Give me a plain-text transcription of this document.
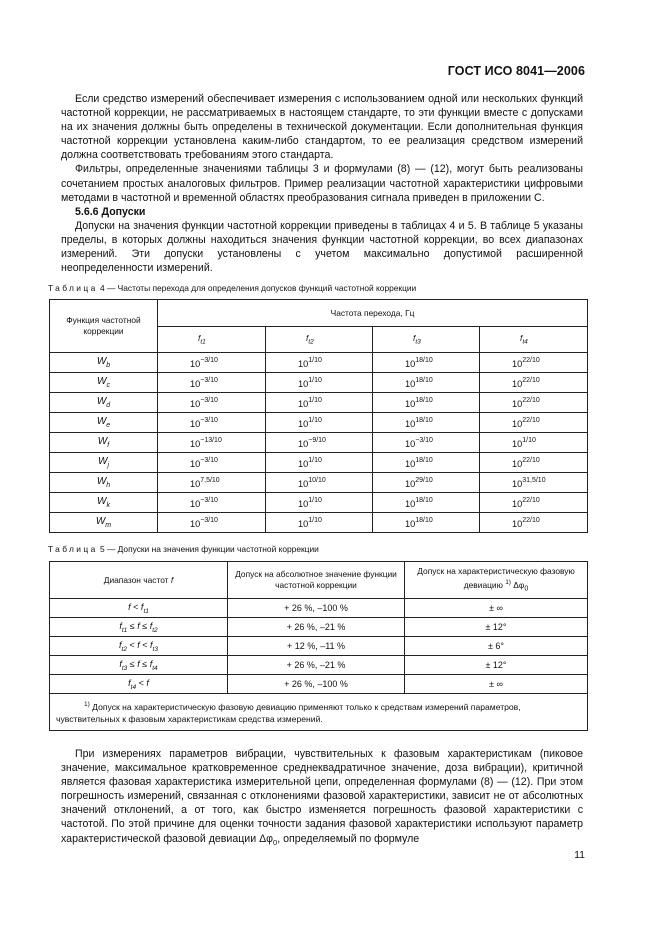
ГОСТ ИСО 8041—2006

Если средство измерений обеспечивает измерения с использованием одной или нескольких функций частотной коррекции, не рассматриваемых в настоящем стандарте, то эти функции вместе с допусками на их значения должны быть определены в технической документации. Если дополнительная функция частотной коррекции установлена каким-либо стандартом, то ее реализация средством измерений должна соответствовать требованиям этого стандарта.

Фильтры, определенные значениями таблицы 3 и формулами (8) — (12), могут быть реализованы сочетанием простых аналоговых фильтров. Пример реализации частотной характеристики цифровыми методами в частотной и временной областях преобразования сигнала приведен в приложении С.

5.6.6 Допуски

Допуски на значения функции частотной коррекции приведены в таблицах 4 и 5. В таблице 5 указаны пределы, в которых должны находиться значения функции частотной коррекции, во всех диапазонах измерений. Эти допуски установлены с учетом максимально допустимой расширенной неопределенности измерений.

Таблица 4 — Частоты перехода для определения допусков функций частотной коррекции
Функция частотной коррекции	Частота перехода, Гц			
	$f_{t1}$	$f_{t2}$	$f_{t3}$	$f_{t4}$
$W_b$	$10^{-3/10}$	$10^{1/10}$	$10^{18/10}$	$10^{22/10}$
$W_c$	$10^{-3/10}$	$10^{1/10}$	$10^{18/10}$	$10^{22/10}$
$W_d$	$10^{-3/10}$	$10^{1/10}$	$10^{18/10}$	$10^{22/10}$
$W_e$	$10^{-3/10}$	$10^{1/10}$	$10^{18/10}$	$10^{22/10}$
$W_f$	$10^{-13/10}$	$10^{-9/10}$	$10^{-3/10}$	$10^{1/10}$
$W_j$	$10^{-3/10}$	$10^{1/10}$	$10^{18/10}$	$10^{22/10}$
$W_h$	$10^{7,5/10}$	$10^{10/10}$	$10^{29/10}$	$10^{31,5/10}$
$W_k$	$10^{-3/10}$	$10^{1/10}$	$10^{18/10}$	$10^{22/10}$
$W_m$	$10^{-3/10}$	$10^{1/10}$	$10^{18/10}$	$10^{22/10}$
Таблица 5 — Допуски на значения функции частотной коррекции
Диапазон частот f	Допуск на абсолютное значение функции частотной коррекции	Допуск на характеристическую фазовую девиацию $^{1)}$ $\Delta\varphi_0$
$f < f_{t1}$	+ 26 %, –100 %	± ∞
$f_{t1} \le f \le f_{t2}$	+ 26 %, –21 %	± 12°
$f_{t2} < f < f_{t3}$	+ 12 %, –11 %	± 6°
$f_{t3} \le f \le f_{t4}$	+ 26 %, –21 %	± 12°
$f_{t4} < f$	+ 26 %, –100 %	± ∞
$^{1)}$ Допуск на характеристическую фазовую девиацию применяют только к средствам измерений параметров, чувствительных к фазовым характеристикам средства измерений.		

При измерениях параметров вибрации, чувствительных к фазовым характеристикам (пиковое значение, максимальное кратковременное среднеквадратичное значение, доза вибрации), критичной является фазовая характеристика измерительной цепи, определенная формулами (8) — (12). При этом погрешность измерений, связанная с отклонениями фазовой характеристики, зависит не от абсолютных значений отклонений, а от того, как быстро изменяется погрешность фазовой характеристики с частотой. По этой причине для оценки точности задания фазовой характеристики используют параметр характеристической фазовой девиации $\Delta\varphi_0$, определяемый по формуле

11
